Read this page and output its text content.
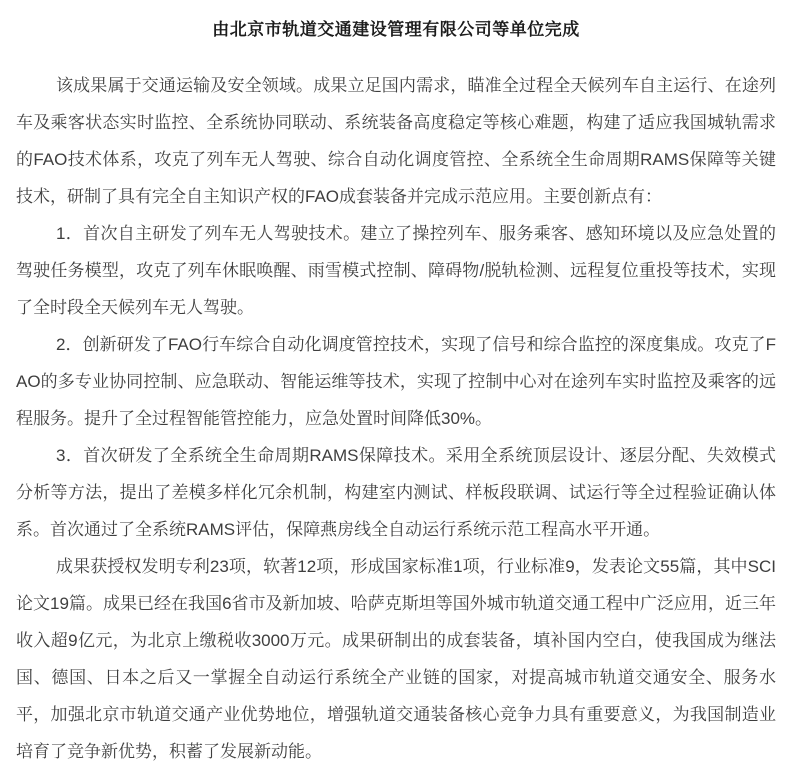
由北京市轨道交通建设管理有限公司等单位完成

该成果属于交通运输及安全领域。成果立足国内需求，瞄准全过程全天候列车自主运行、在途列车及乘客状态实时监控、全系统协同联动、系统装备高度稳定等核心难题，构建了适应我国城轨需求的FAO技术体系，攻克了列车无人驾驶、综合自动化调度管控、全系统全生命周期RAMS保障等关键技术，研制了具有完全自主知识产权的FAO成套装备并完成示范应用。主要创新点有：

1．首次自主研发了列车无人驾驶技术。建立了操控列车、服务乘客、感知环境以及应急处置的驾驶任务模型，攻克了列车休眠唤醒、雨雪模式控制、障碍物/脱轨检测、远程复位重投等技术，实现了全时段全天候列车无人驾驶。

2．创新研发了FAO行车综合自动化调度管控技术，实现了信号和综合监控的深度集成。攻克了FAO的多专业协同控制、应急联动、智能运维等技术，实现了控制中心对在途列车实时监控及乘客的远程服务。提升了全过程智能管控能力，应急处置时间降低30%。

3．首次研发了全系统全生命周期RAMS保障技术。采用全系统顶层设计、逐层分配、失效模式分析等方法，提出了差模多样化冗余机制，构建室内测试、样板段联调、试运行等全过程验证确认体系。首次通过了全系统RAMS评估，保障燕房线全自动运行系统示范工程高水平开通。

成果获授权发明专利23项，软著12项，形成国家标准1项，行业标准9，发表论文55篇，其中SCI论文19篇。成果已经在我国6省市及新加坡、哈萨克斯坦等国外城市轨道交通工程中广泛应用，近三年收入超9亿元，为北京上缴税收3000万元。成果研制出的成套装备，填补国内空白，使我国成为继法国、德国、日本之后又一掌握全自动运行系统全产业链的国家，对提高城市轨道交通安全、服务水平，加强北京市轨道交通产业优势地位，增强轨道交通装备核心竞争力具有重要意义，为我国制造业培育了竞争新优势，积蓄了发展新动能。
